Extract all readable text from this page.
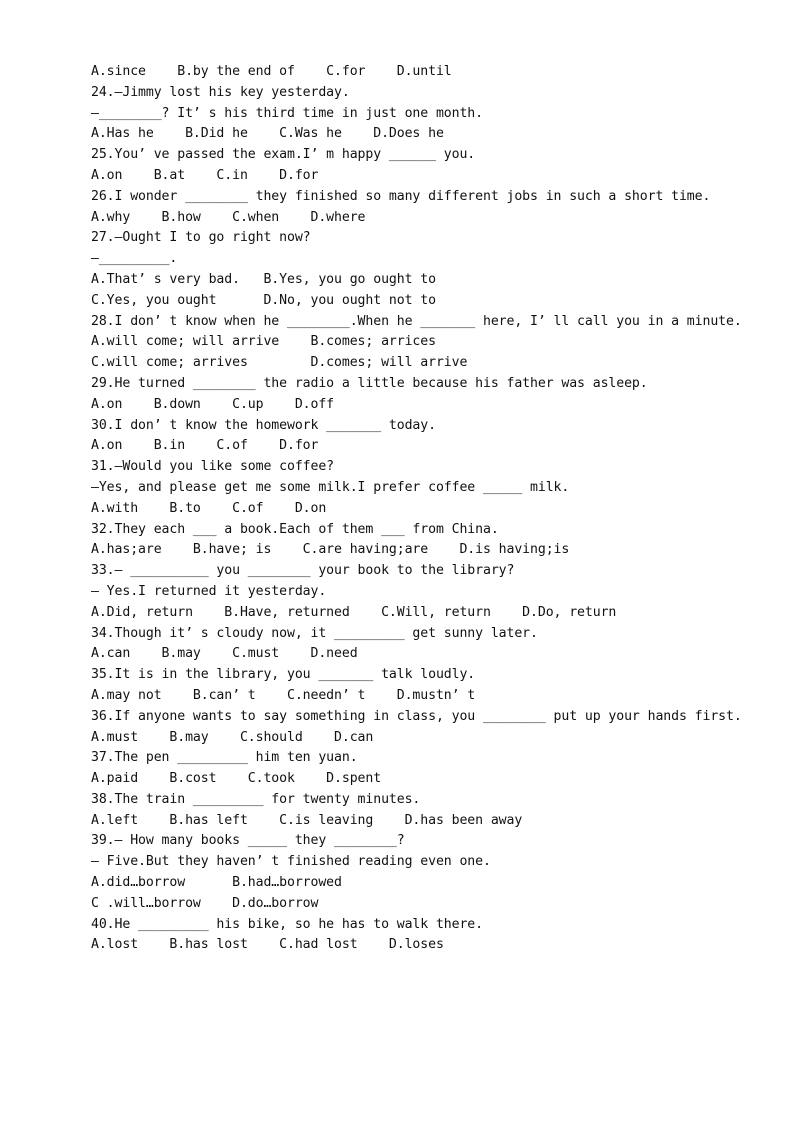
A.since    B.by the end of    C.for    D.until
24.—Jimmy lost his key yesterday.
—________? It’ s his third time in just one month.
A.Has he    B.Did he    C.Was he    D.Does he
25.You’ ve passed the exam.I’ m happy ______ you.
A.on    B.at    C.in    D.for
26.I wonder ________ they finished so many different jobs in such a short time.
A.why    B.how    C.when    D.where
27.—Ought I to go right now?
—_________.
A.That’ s very bad.   B.Yes, you go ought to
C.Yes, you ought      D.No, you ought not to
28.I don’ t know when he ________.When he _______ here, I’ ll call you in a minute.
A.will come; will arrive    B.comes; arrices
C.will come; arrives        D.comes; will arrive
29.He turned ________ the radio a little because his father was asleep.
A.on    B.down    C.up    D.off
30.I don’ t know the homework _______ today.
A.on    B.in    C.of    D.for
31.—Would you like some coffee?
—Yes, and please get me some milk.I prefer coffee _____ milk.
A.with    B.to    C.of    D.on
32.They each ___ a book.Each of them ___ from China.
A.has;are    B.have; is    C.are having;are    D.is having;is
33.— __________ you ________ your book to the library?
— Yes.I returned it yesterday.
A.Did, return    B.Have, returned    C.Will, return    D.Do, return
34.Though it’ s cloudy now, it _________ get sunny later.
A.can    B.may    C.must    D.need
35.It is in the library, you _______ talk loudly.
A.may not    B.can’ t    C.needn’ t    D.mustn’ t
36.If anyone wants to say something in class, you ________ put up your hands first.
A.must    B.may    C.should    D.can
37.The pen _________ him ten yuan.
A.paid    B.cost    C.took    D.spent
38.The train _________ for twenty minutes.
A.left    B.has left    C.is leaving    D.has been away
39.— How many books _____ they ________?
— Five.But they haven’ t finished reading even one.
A.did…borrow      B.had…borrowed
C .will…borrow    D.do…borrow
40.He _________ his bike, so he has to walk there.
A.lost    B.has lost    C.had lost    D.loses
